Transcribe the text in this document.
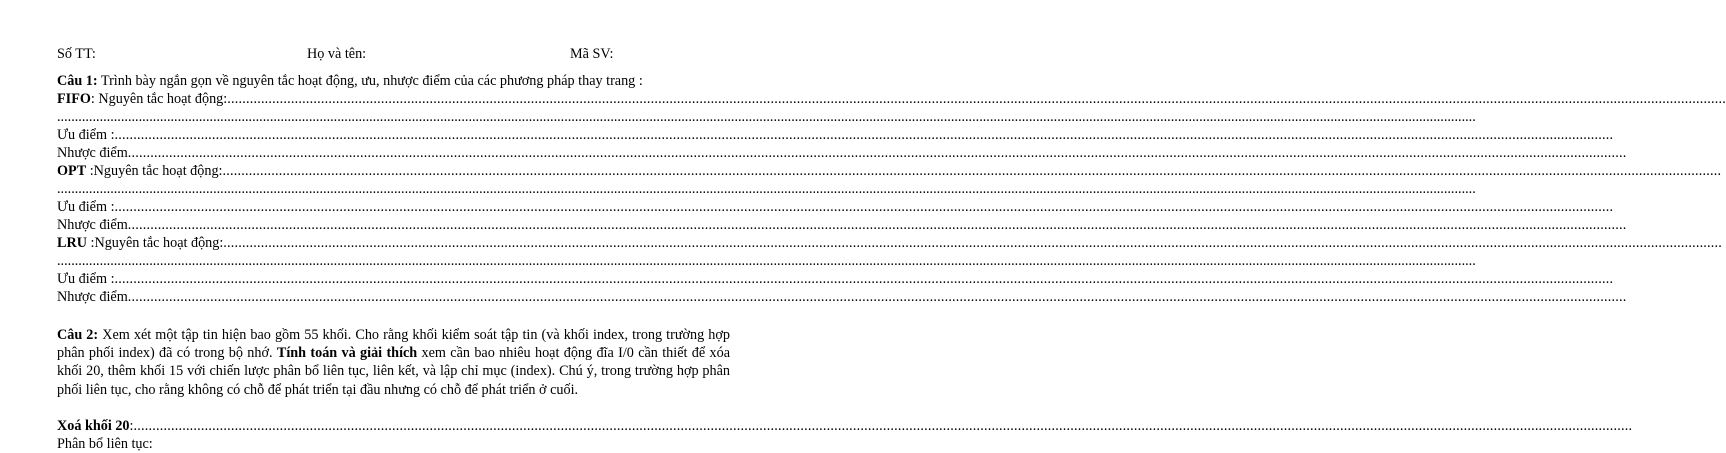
Số TT:	Họ và tên:	Mã SV:
Câu 1: Trình bày ngắn gọn về nguyên tắc hoạt động, ưu, nhược điểm của các phương pháp thay trang :
FIFO: Nguyên tắc hoạt động:................................................................................................................................................................................................................................................................................................................................................................................................................
................................................................................................................................................................................................................................................................................................................................................................................................................
Ưu điểm :................................................................................................................................................................................................................................................................................................................................................................................................................
Nhược điểm................................................................................................................................................................................................................................................................................................................................................................................................................
OPT :Nguyên tắc hoạt động:................................................................................................................................................................................................................................................................................................................................................................................................................
................................................................................................................................................................................................................................................................................................................................................................................................................
Ưu điểm :................................................................................................................................................................................................................................................................................................................................................................................................................
Nhược điểm................................................................................................................................................................................................................................................................................................................................................................................................................
LRU :Nguyên tắc hoạt động:................................................................................................................................................................................................................................................................................................................................................................................................................
................................................................................................................................................................................................................................................................................................................................................................................................................
Ưu điểm :................................................................................................................................................................................................................................................................................................................................................................................................................
Nhược điểm................................................................................................................................................................................................................................................................................................................................................................................................................
Câu 2: Xem xét một tập tin hiện bao gồm 55 khối. Cho rằng khối kiểm soát tập tin (và khối index, trong trường hợp phân phối index) đã có trong bộ nhớ. Tính toán và giải thích xem cần bao nhiêu hoạt động đĩa I/0 cần thiết để xóa khối 20, thêm khối 15 với chiến lược phân bổ liên tục, liên kết, và lập chỉ mục (index). Chú ý, trong trường hợp phân phối liên tục, cho rằng không có chỗ để phát triển tại đầu nhưng có chỗ để phát triển ở cuối.
Xoá khối 20:................................................................................................................................................................................................................................................................................................................................................................................................................
Phân bổ liên tục:
